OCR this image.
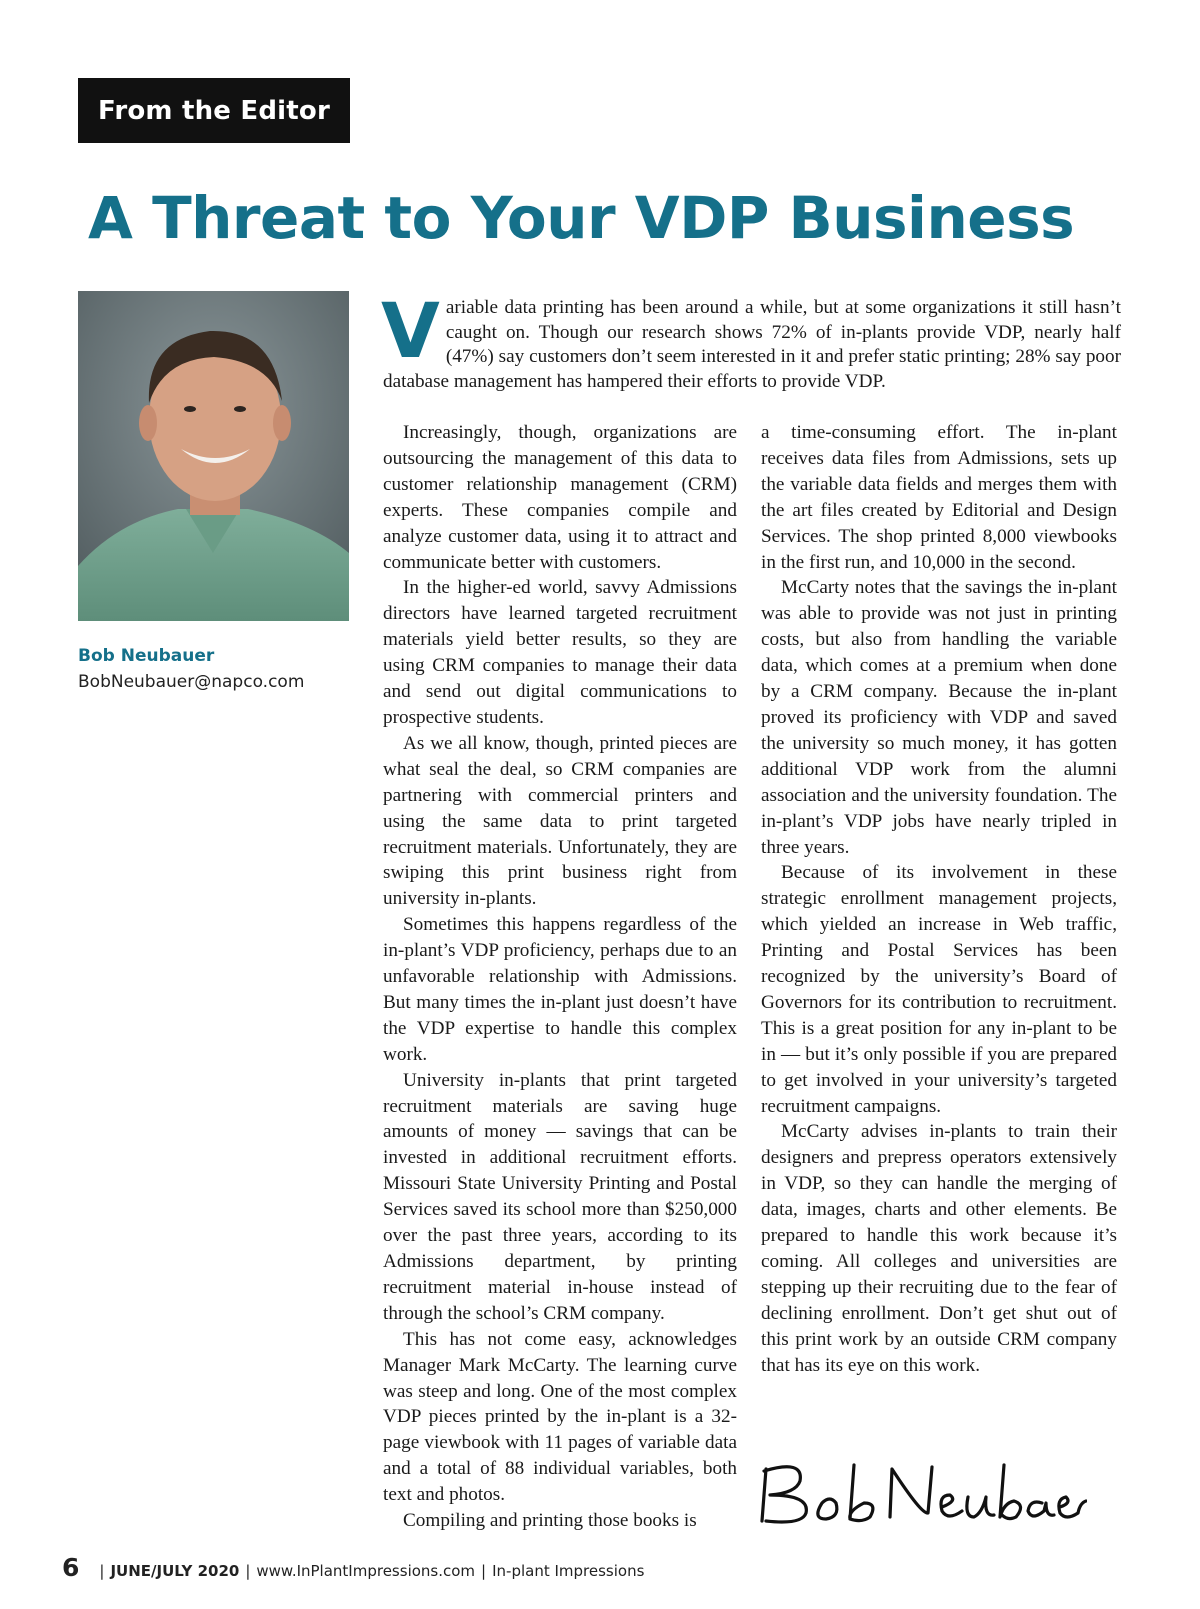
From the Editor
A Threat to Your VDP Business
Bob Neubauer
BobNeubauer@napco.com
Variable data printing has been around a while, but at some organizations it still hasn’t caught on. Though our research shows 72% of in-plants provide VDP, nearly half (47%) say customers don’t seem interested in it and prefer static printing; 28% say poor database management has hampered their efforts to provide VDP.

Increasingly, though, organizations are outsourcing the management of this data to customer relationship management (CRM) experts. These companies compile and analyze customer data, using it to attract and communicate better with customers.

In the higher-ed world, savvy Admissions directors have learned targeted recruitment materials yield better results, so they are using CRM companies to manage their data and send out digital communications to prospective students.

As we all know, though, printed pieces are what seal the deal, so CRM companies are partnering with commercial printers and using the same data to print targeted recruitment materials. Unfortunately, they are swiping this print business right from university in-plants.

Sometimes this happens regardless of the in-plant’s VDP proficiency, perhaps due to an unfavorable relationship with Admissions. But many times the in-plant just doesn’t have the VDP expertise to handle this complex work.

University in-plants that print targeted recruitment materials are saving huge amounts of money — savings that can be invested in additional recruitment efforts. Missouri State University Printing and Postal Services saved its school more than $250,000 over the past three years, according to its Admissions department, by printing recruitment material in-house instead of through the school’s CRM company.

This has not come easy, acknowledges Manager Mark McCarty. The learning curve was steep and long. One of the most complex VDP pieces printed by the in-plant is a 32-page viewbook with 11 pages of variable data and a total of 88 individual variables, both text and photos.

Compiling and printing those books is

a time-consuming effort. The in-plant receives data files from Admissions, sets up the variable data fields and merges them with the art files created by Editorial and Design Services. The shop printed 8,000 viewbooks in the first run, and 10,000 in the second.

McCarty notes that the savings the in-plant was able to provide was not just in printing costs, but also from handling the variable data, which comes at a premium when done by a CRM company. Because the in-plant proved its proficiency with VDP and saved the university so much money, it has gotten additional VDP work from the alumni association and the university foundation. The in-plant’s VDP jobs have nearly tripled in three years.

Because of its involvement in these strategic enrollment management projects, which yielded an increase in Web traffic, Printing and Postal Services has been recognized by the university’s Board of Governors for its contribution to recruitment. This is a great position for any in-plant to be in — but it’s only possible if you are prepared to get involved in your university’s targeted recruitment campaigns.

McCarty advises in-plants to train their designers and prepress operators extensively in VDP, so they can handle the merging of data, images, charts and other elements. Be prepared to handle this work because it’s coming. All colleges and universities are stepping up their recruiting due to the fear of declining enrollment. Don’t get shut out of this print work by an outside CRM company that has its eye on this work.

6 | JUNE/JULY 2020 | www.InPlantImpressions.com | In-plant Impressions
